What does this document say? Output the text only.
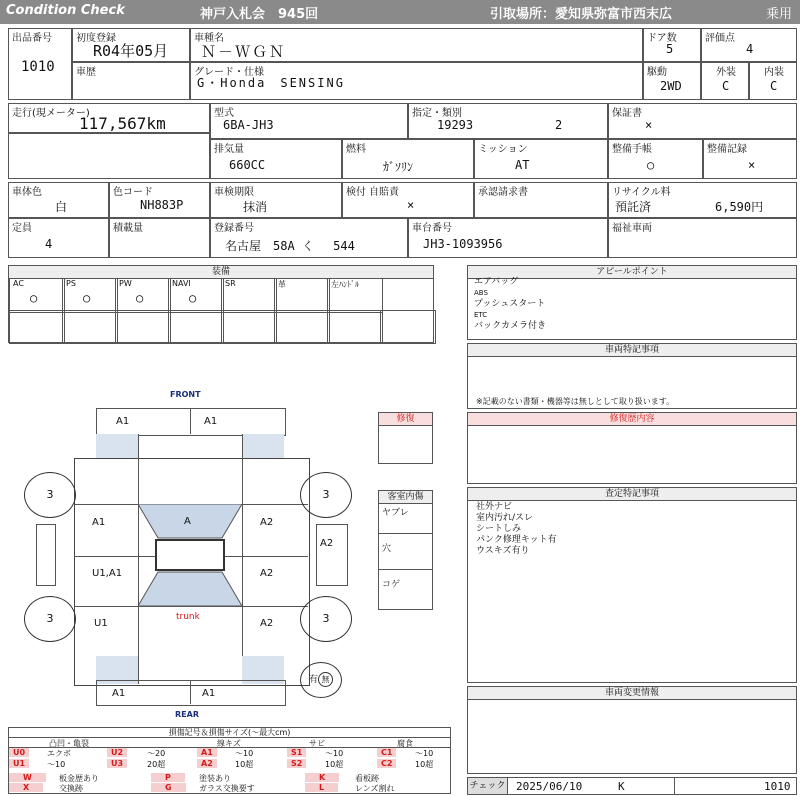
Condition Check	神戸入札会　945回	引取場所：愛知県弥富市西末広	乗用
出品番号
1010
初度登録
R04年05月
車歴
車種名
Ｎ－ＷＧＮ
グレード・仕様
G・Honda　SENSING
ドア数
5
評価点
4
駆動
2WD
外装
C
内装
C
走行(現メーター)
117,567km
型式
6BA-JH3
指定・類別
19293	2
排気量
660CC
燃料
ｶﾞｿﾘﾝ
ミッション
AT
保証書
×
整備手帳
○
整備記録
×
車体色
白
色コード
NH883P
定員
4
積載量
車検期限
抹消
検付 自賠責
×
承認請求書
登録番号
名古屋　58A く　 544
車台番号
JH3-1093956
リサイクル料
預託済	6,590円
福祉車両
装備
AC
○
PS
○
PW
○
NAVI
○
SR	革	左ﾊﾝﾄﾞﾙ
アピールポイント
エアバッグ
ABS
プッシュスタート
ETC
バックカメラ付き
車両特記事項
※記載のない書類・機器等は無しとして取り扱います。
修復歴内容
査定特記事項
社外ナビ
室内汚れ/スレ
シートしみ
パンク修理キット有
ウスキズ有り
車両変更情報
チェック 2025/06/10	K	1010
FRONT
REAR
A1	A1
A
A1	A2
U1,A1	A2
U1	A2
trunk
A2
3	3
3	3
A1	A1
有 無
修復
客室内傷
ヤブレ
穴
コゲ
損傷記号＆損傷サイズ(～最大cm)
凸凹・亀裂	線キズ	サビ	腐食
U0	エクボ	U2	～20	A1	～10	S1	～10	C1	～10
U1	～10	U3	20超	A2	10超	S2	10超	C2	10超
W	板金歴あり	P	塗装あり	K	看板跡
X	交換跡	G	ガラス交換要す	L	レンズ割れ
